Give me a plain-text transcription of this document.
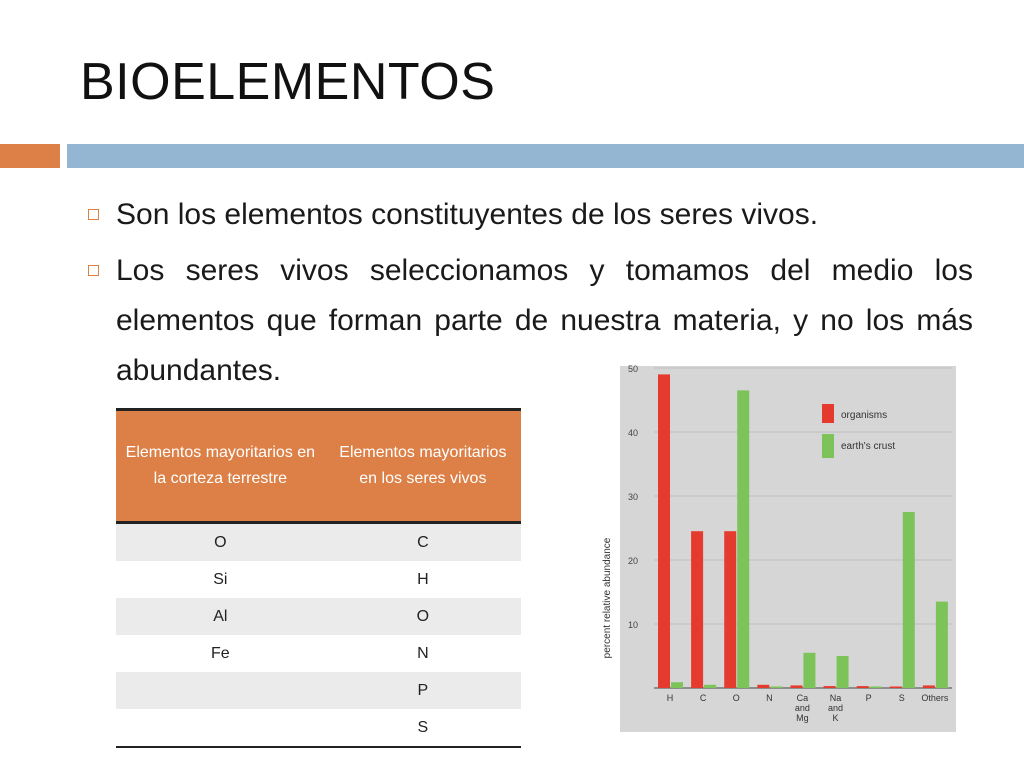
BIOELEMENTOS
Son los elementos constituyentes de los seres vivos.
Los seres vivos seleccionamos y tomamos del medio los elementos que forman parte de nuestra materia, y no los más abundantes.
Elementos mayoritarios en la corteza terrestre	Elementos mayoritarios en los seres vivos
O	C
Si	H
Al	O
Fe	N
	P
	S
percent relative abundance 10
20
30
40
50
H	C	O	N	Ca
and
Mg
Na
and
K
P	S Others
organisms
earth's crust
